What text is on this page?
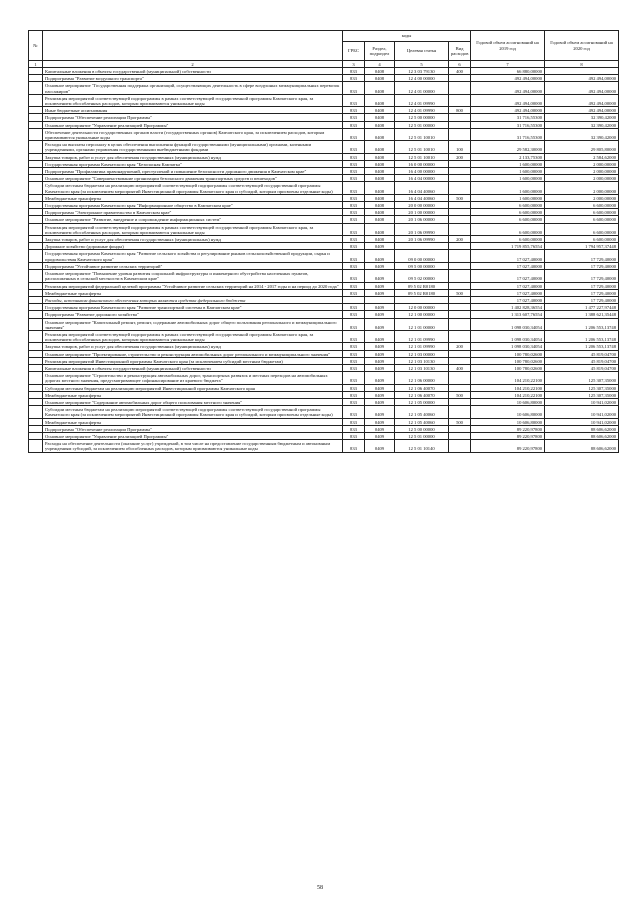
№		коды				Годовой объем ассигнований на 2019 год	Годовой объем ассигнований на 2020 год
		ГРБС	Раздел, подраздел	Целевая статья	Вид расходов		
1	2	3	4	5	6	7	8
	Капитальные вложения в объекты государственной (муниципальной) собственности	833	0408	12 3 03 79130	400	66 880,00000	
	Подпрограмма "Развитие воздушного транспорта"	833	0408	12 4 00 00000		492 494,00000	492 494,00000
	Основное мероприятие "Государственная поддержка организаций, осуществляющих деятельность в сфере воздушных межмуниципальных перевозок пассажиров"	833	0408	12 4 01 00000		492 494,00000	492 494,00000
	Реализация мероприятий соответствующей подпрограммы в рамках соответствующей государственной программы Камчатского края, за исключением обособленных расходов, которым присваиваются уникальные коды	833	0408	12 4 01 09990		492 494,00000	492 494,00000
	Иные бюджетные ассигнования	833	0408	12 4 01 09990	800	492 494,00000	492 494,00000
	Подпрограмма "Обеспечение реализации Программы"	833	0408	12 5 00 00000		31 716,55300	32 390,42000
	Основное мероприятие "Управление реализацией Программы"	833	0408	12 5 01 00000		31 716,55300	32 390,42000
	Обеспечение деятельности государственных органов власти (государственных органов) Камчатского края, за исключением расходов, которым присваиваются уникальные коды	833	0408	12 5 01 10010		31 716,55300	32 390,42000
	Расходы на выплаты персоналу в целях обеспечения выполнения функций государственными (муниципальными) органами, казенными учреждениями, органами управления государственными внебюджетными фондами	833	0408	12 5 01 10010	100	29 582,30000	29 805,80000
	Закупка товаров, работ и услуг для обеспечения государственных (муниципальных) нужд	833	0408	12 5 01 10010	200	2 133,75300	2 584,62000
	Государственная программа Камчатского края "Безопасная Камчатка"	833	0408	16 0 00 00000		1 600,00000	2 000,00000
	Подпрограмма "Профилактика правонарушений, преступлений и повышение безопасности дорожного движения в Камчатском крае"	833	0408	16 4 00 00000		1 600,00000	2 000,00000
	Основное мероприятие "Совершенствование организации безопасного движения транспортных средств и пешеходов"	833	0408	16 4 04 00000		1 600,00000	2 000,00000
	Субсидии местным бюджетам на реализацию мероприятий соответствующей подпрограммы соответствующей государственной программы Камчатского края (за исключением мероприятий Инвестиционной программы Камчатского края и субсидий, которым присвоены отдельные коды)	833	0408	16 4 04 40060		1 600,00000	2 000,00000
	Межбюджетные трансферты	833	0408	16 4 04 40060	500	1 600,00000	2 000,00000
	Государственная программа Камчатского края "Информационное общество в Камчатском крае"	833	0408	20 0 00 00000		6 600,00000	6 600,00000
	Подпрограмма "Электронное правительство в Камчатском крае"	833	0408	20 1 00 00000		6 600,00000	6 600,00000
	Основное мероприятие "Развитие, внедрение и сопровождение информационных систем"	833	0408	20 1 06 00000		6 600,00000	6 600,00000
	Реализация мероприятий соответствующей подпрограммы в рамках соответствующей государственной программы Камчатского края, за исключением обособленных расходов, которым присваиваются уникальные коды	833	0408	20 1 06 09990		6 600,00000	6 600,00000
	Закупка товаров, работ и услуг для обеспечения государственных (муниципальных) нужд	833	0408	20 1 06 09990	200	6 600,00000	6 600,00000
	Дорожное хозяйство (дорожные фонды)	833	0409			1 719 855,76554	1 794 957,37448
	Государственная программа Камчатского края "Развитие сельского хозяйства и регулирование рынков сельскохозяйственной продукции, сырья и продовольствия Камчатского края"	833	0409	09 0 00 00000		17 027,40000	17 729,40000
	Подпрограмма "Устойчивое развитие сельских территорий"	833	0409	09 5 00 00000		17 027,40000	17 729,40000
	Основное мероприятие "Повышение уровня развития социальной инфраструктуры и инженерного обустройства населенных пунктов, расположенных в сельской местности в Камчатском крае"	833	0409	09 5 02 00000		17 027,40000	17 729,40000
	Реализация мероприятий федеральной целевой программы "Устойчивое развитие сельских территорий на 2014 - 2017 годы и на период до 2020 года"	833	0409	09 5 02 R0180		17 027,40000	17 729,40000
	Межбюджетные трансферты	833	0409	09 5 02 R0180	500	17 027,40000	17 729,40000
	Расходы, источником финансового обеспечения которых являются средства федерального бюджета					17 027,40000	17 729,40000
	Государственная программа Камчатского края "Развитие транспортной системы в Камчатском крае"	833	0409	12 0 00 00000		1 402 828,36554	1 477 227,97448
	Подпрограмма "Развитие дорожного хозяйства"	833	0409	12 1 00 00000		1 313 607,76554	1 388 621,35448
	Основное мероприятие "Капитальный ремонт, ремонт, содержание автомобильных дорог общего пользования регионального и межмуниципального значения"	833	0409	12 1 01 00000		1 098 030,34054	1 206 553,13748
	Реализация мероприятий соответствующей подпрограммы в рамках соответствующей государственной программы Камчатского края, за исключением обособленных расходов, которым присваиваются уникальные коды	833	0409	12 1 01 09990		1 098 030,34054	1 206 553,13748
	Закупка товаров, работ и услуг для обеспечения государственных (муниципальных) нужд	833	0409	12 1 01 09990	200	1 098 030,34054	1 206 553,13748
	Основное мероприятие "Проектирование, строительство и реконструкция автомобильных дорог регионального и межмуниципального значения"	833	0409	12 1 03 00000		100 780,02600	45 819,04700
	Реализация мероприятий Инвестиционной программы Камчатского края (за исключением субсидий местным бюджетам)	833	0409	12 1 03 10130		100 780,02600	45 819,04700
	Капитальные вложения в объекты государственной (муниципальной) собственности	833	0409	12 1 03 10130	400	100 780,02600	45 819,04700
	Основное мероприятие "Строительство и реконструкция автомобильных дорог, транспортных развязок и местных переходов на автомобильных дорогах местного значения, предусматривающее софинансирование из краевого бюджета"	833	0409	12 1 06 00000		104 210,22100	125 307,35000
	Субсидии местным бюджетам на реализацию мероприятий Инвестиционной программы Камчатского края	833	0409	12 1 06 40070		104 210,22100	125 307,35000
	Межбюджетные трансферты	833	0409	12 1 06 40070	500	104 210,22100	125 307,35000
	Основное мероприятие "Содержание автомобильных дорог общего пользования местного значения"	833	0409	12 1 05 00000		10 606,80000	10 941,02000
	Субсидии местным бюджетам на реализацию мероприятий соответствующей подпрограммы соответствующей государственной программы Камчатского края (за исключением мероприятий Инвестиционной программы Камчатского края и субсидий, которым присвоены отдельные коды)	833	0409	12 1 05 40060		10 606,80000	10 941,02000
	Межбюджетные трансферты	833	0409	12 1 05 40060	500	10 606,80000	10 941,02000
	Подпрограмма "Обеспечение реализации Программы"	833	0409	12 5 00 00000		89 220,97800	88 606,62000
	Основное мероприятие "Управление реализацией Программы"	833	0409	12 5 01 00000		89 220,97800	88 606,62000
	Расходы на обеспечение деятельности (оказание услуг) учреждений, в том числе на предоставление государственным бюджетным и автономным учреждениям субсидий, за исключением обособленных расходов, которым присваиваются уникальные коды	833	0409	12 5 01 10140		89 220,97800	88 606,62000
58
